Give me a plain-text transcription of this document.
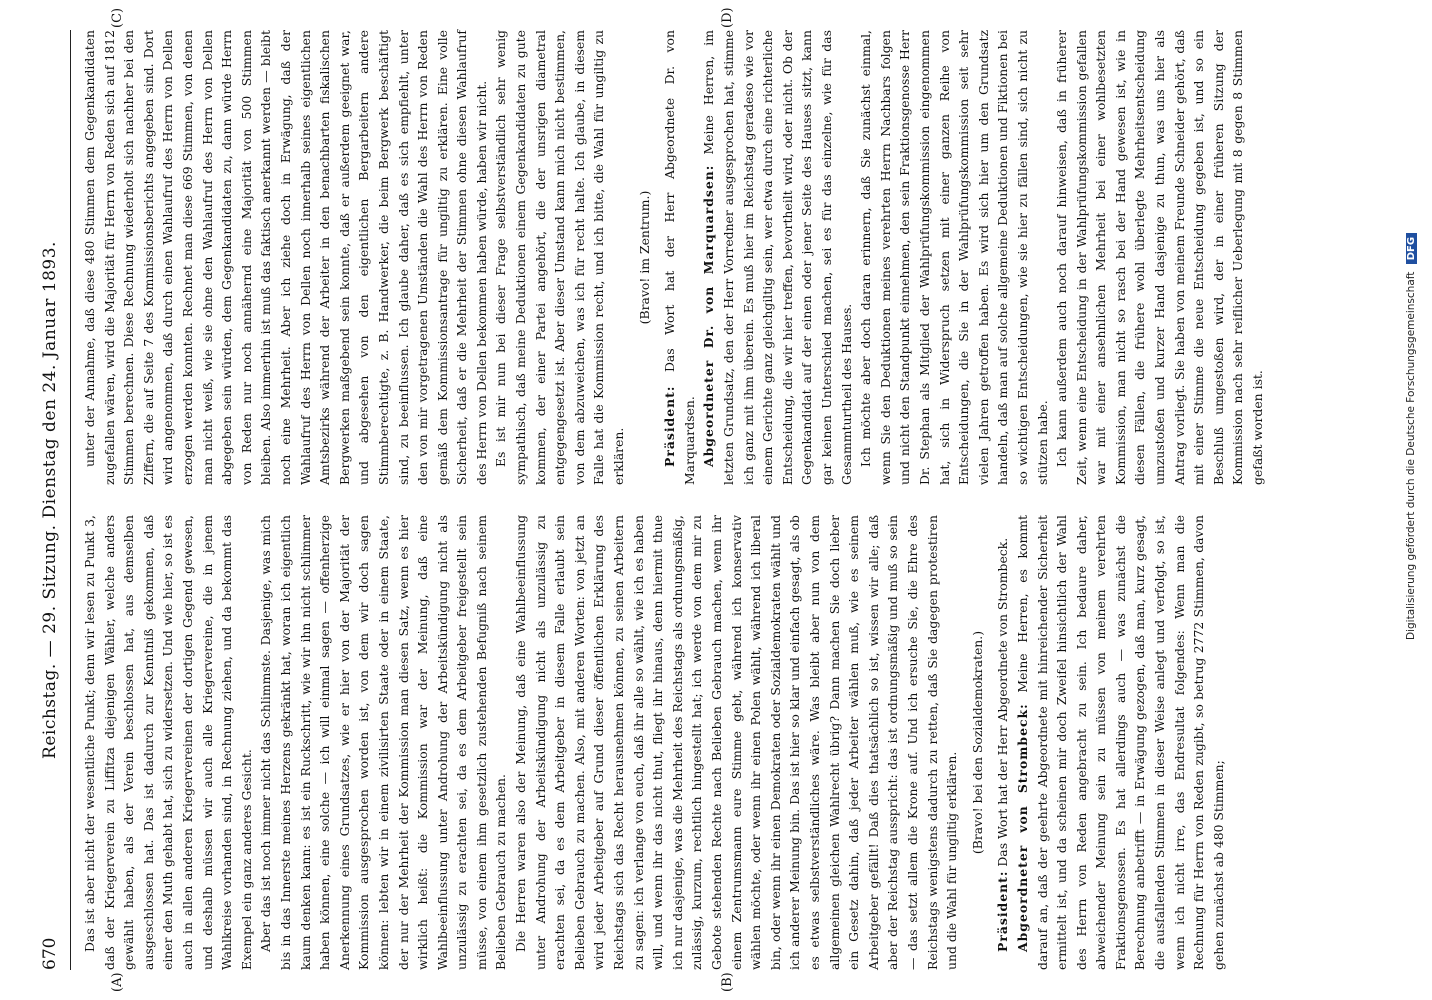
670
Reichstag. — 29. Sitzung. Dienstag den 24. Januar 1893.
(A)	(B)
(C)	(D)

Das ist aber nicht der wesentliche Punkt; denn wir lesen zu Punkt 3, daß der Kriegerverein zu Liffitza diejenigen Wähler, welche anders gewählt haben, als der Verein beschlossen hat, aus demselben ausgeschlossen hat. Das ist dadurch zur Kenntniß gekommen, daß einer den Muth gehabt hat, sich zu widersetzen. Und wie hier, so ist es auch in allen anderen Kriegervereinen der dortigen Gegend gewesen, und deshalb müssen wir auch alle Kriegervereine, die in jenem Wahlkreise vorhanden sind, in Rechnung ziehen, und da bekommt das Exempel ein ganz anderes Gesicht. Aber das ist noch immer nicht das Schlimmste. Dasjenige, was mich bis in das Innerste meines Herzens gekränkt hat, woran ich eigentlich kaum denken kann: es ist ein Ruckschritt, wie wir ihn nicht schlimmer haben können, eine solche — ich will einmal sagen — offenherzige Anerkennung eines Grundsatzes, wie er hier von der Majorität der Kommission ausgesprochen worden ist, von dem wir doch sagen können: lebten wir in einem zivilisirten Staate oder in einem Staate, der nur der Mehrheit der Kommission man diesen Satz, wenn es hier wirklich heißt: die Kommission war der Meinung, daß eine Wahlbeeinflussung unter Androhung der Arbeitskündigung nicht als unzulässig zu erachten sei, da es dem Arbeitgeber freigestellt sein müsse, von einem ihm gesetzlich zustehenden Befugniß nach seinem Belieben Gebrauch zu machen. Die Herren waren also der Meinung, daß eine Wahlbeeinflussung unter Androhung der Arbeitskündigung nicht als unzulässig zu erachten sei, da es dem Arbeitgeber in diesem Falle erlaubt sein Belieben Gebrauch zu machen. Also, mit anderen Worten: von jetzt an wird jeder Arbeitgeber auf Grund dieser öffentlichen Erklärung des Reichstags sich das Recht herausnehmen können, zu seinen Arbeitern zu sagen: ich verlange von euch, daß ihr alle so wählt, wie ich es haben will, und wenn ihr das nicht thut, fliegt ihr hinaus, denn hiermit thue ich nur dasjenige, was die Mehrheit des Reichstags als ordnungsmäßig, zulässig, kurzum, rechtlich hingestellt hat; ich werde von dem mir zu Gebote stehenden Rechte nach Belieben Gebrauch machen, wenn ihr einem Zentrumsmann eure Stimme gebt, während ich konservativ wählen möchte, oder wenn ihr einen Polen wählt, während ich liberal bin, oder wenn ihr einen Demokraten oder Sozialdemokraten wählt und ich anderer Meinung bin. Das ist hier so klar und einfach gesagt, als ob es etwas selbstverständliches wäre. Was bleibt aber nun von dem allgemeinen gleichen Wahlrecht übrig? Dann machen Sie doch lieber ein Gesetz dahin, daß jeder Arbeiter wählen muß, wie es seinem Arbeitgeber gefällt! Daß dies thatsächlich so ist, wissen wir alle; daß aber der Reichstag ausspricht: das ist ordnungsmäßig und muß so sein — das setzt allem die Krone auf. Und ich ersuche Sie, die Ehre des Reichstags wenigstens dadurch zu retten, daß Sie dagegen protestiren und die Wahl für ungiltig erklären.

(Bravo! bei den Sozialdemokraten.)

Präsident: Das Wort hat der Herr Abgeordnete von Strombeck. Abgeordneter von Strombeck: Meine Herren, es kommt darauf an, daß der geehrte Abgeordnete mit hinreichender Sicherheit ermittelt ist, und da scheinen mir doch Zweifel hinsichtlich der Wahl des Herrn von Reden angebracht zu sein. Ich bedaure daher, abweichender Meinung sein zu müssen von meinem verehrten Fraktionsgenossen. Es hat allerdings auch — was zunächst die Berechnung anbetrifft — in Erwägung gezogen, daß man, kurz gesagt, die ausfallenden Stimmen in dieser Weise anlegt und verfolgt, so ist, wenn ich nicht irre, das Endresultat folgendes: Wenn man die Rechnung für Herrn von Reden zugibt, so betrug 2772 Stimmen, davon gehen zunächst ab 480 Stimmen;

unter der Annahme, daß diese 480 Stimmen dem Gegenkandidaten zugefallen wären, wird die Majorität für Herrn von Reden sich auf 1812 Stimmen berechnen. Diese Rechnung wiederholt sich nachher bei den Ziffern, die auf Seite 7 des Kommissionsberichts angegeben sind. Dort wird angenommen, daß durch einen Wahlaufruf des Herrn von Dellen erzogen werden konnten. Rechnet man diese 669 Stimmen, von denen man nicht weiß, wie sie ohne den Wahlaufruf des Herrn von Dellen abgegeben sein würden, dem Gegenkandidaten zu, dann würde Herrn von Reden nur noch annähernd eine Majorität von 500 Stimmen bleiben. Also immerhin ist muß das faktisch anerkannt werden — bleibt noch eine Mehrheit. Aber ich ziehe doch in Erwägung, daß der Wahlaufruf des Herrn von Dellen noch innerhalb seines eigentlichen Amtsbezirks während der Arbeiter in den benachbarten fiskalischen Bergwerken maßgebend sein konnte, daß er außerdem geeignet war, und abgesehen von den eigentlichen Bergarbeitern andere Stimmberechtigte, z. B. Handwerker, die beim Bergwerk beschäftigt sind, zu beeinflussen. Ich glaube daher, daß es sich empfiehlt, unter den von mir vorgetragenen Umständen die Wahl des Herrn von Reden gemäß dem Kommissionsantrage für ungiltig zu erklären. Eine volle Sicherheit, daß er die Mehrheit der Stimmen ohne diesen Wahlaufruf des Herrn von Dellen bekommen haben würde, haben wir nicht. Es ist mir nun bei dieser Frage selbstverständlich sehr wenig sympathisch, daß meine Deduktionen einem Gegenkandidaten zu gute kommen, der einer Partei angehört, die der unsrigen diametral entgegengesetzt ist. Aber dieser Umstand kann mich nicht bestimmen, von dem abzuweichen, was ich für recht halte. Ich glaube, in diesem Falle hat die Kommission recht, und ich bitte, die Wahl für ungiltig zu erklären.

(Bravo! im Zentrum.)

Präsident: Das Wort hat der Herr Abgeordnete Dr. von Marquardsen. Abgeordneter Dr. von Marquardsen: Meine Herren, im letzten Grundsatz, den der Herr Vorredner ausgesprochen hat, stimme ich ganz mit ihm überein. Es muß hier im Reichstag geradeso wie vor einem Gerichte ganz gleichgiltig sein, wer etwa durch eine richterliche Entscheidung, die wir hier treffen, bevortheilt wird, oder nicht. Ob der Gegenkandidat auf der einen oder jener Seite des Hauses sitzt, kann gar keinen Unterschied machen, sei es für das einzelne, wie für das Gesammturtheil des Hauses. Ich möchte aber doch daran erinnern, daß Sie zunächst einmal, wenn Sie den Deduktionen meines verehrten Herrn Nachbars folgen und nicht den Standpunkt einnehmen, den sein Fraktionsgenosse Herr Dr. Stephan als Mitglied der Wahlprüfungskommission eingenommen hat, sich in Widerspruch setzen mit einer ganzen Reihe von Entscheidungen, die Sie in der Wahlprüfungskommission seit sehr vielen Jahren getroffen haben. Es wird sich hier um den Grundsatz handeln, daß man auf solche allgemeine Deduktionen und Fiktionen bei so wichtigen Entscheidungen, wie sie hier zu fällen sind, sich nicht zu stützen habe. Ich kann außerdem auch noch darauf hinweisen, daß in früherer Zeit, wenn eine Entscheidung in der Wahlprüfungskommission gefallen war mit einer ansehnlichen Mehrheit bei einer wohlbesetzten Kommission, man nicht so rasch bei der Hand gewesen ist, wie in diesen Fällen, die frühere wohl überlegte Mehrheitsentscheidung umzustoßen und kurzer Hand dasjenige zu thun, was uns hier als Antrag vorliegt. Sie haben von meinem Freunde Schneider gehört, daß mit einer Stimme die neue Entscheidung gegeben ist, und so ein Beschluß umgestoßen wird, der in einer früheren Sitzung der Kommission nach sehr reiflicher Ueberlegung mit 8 gegen 8 Stimmen gefaßt worden ist.	Digitalisierung gefördert durch die Deutsche Forschungsgemeinschaft DFG
